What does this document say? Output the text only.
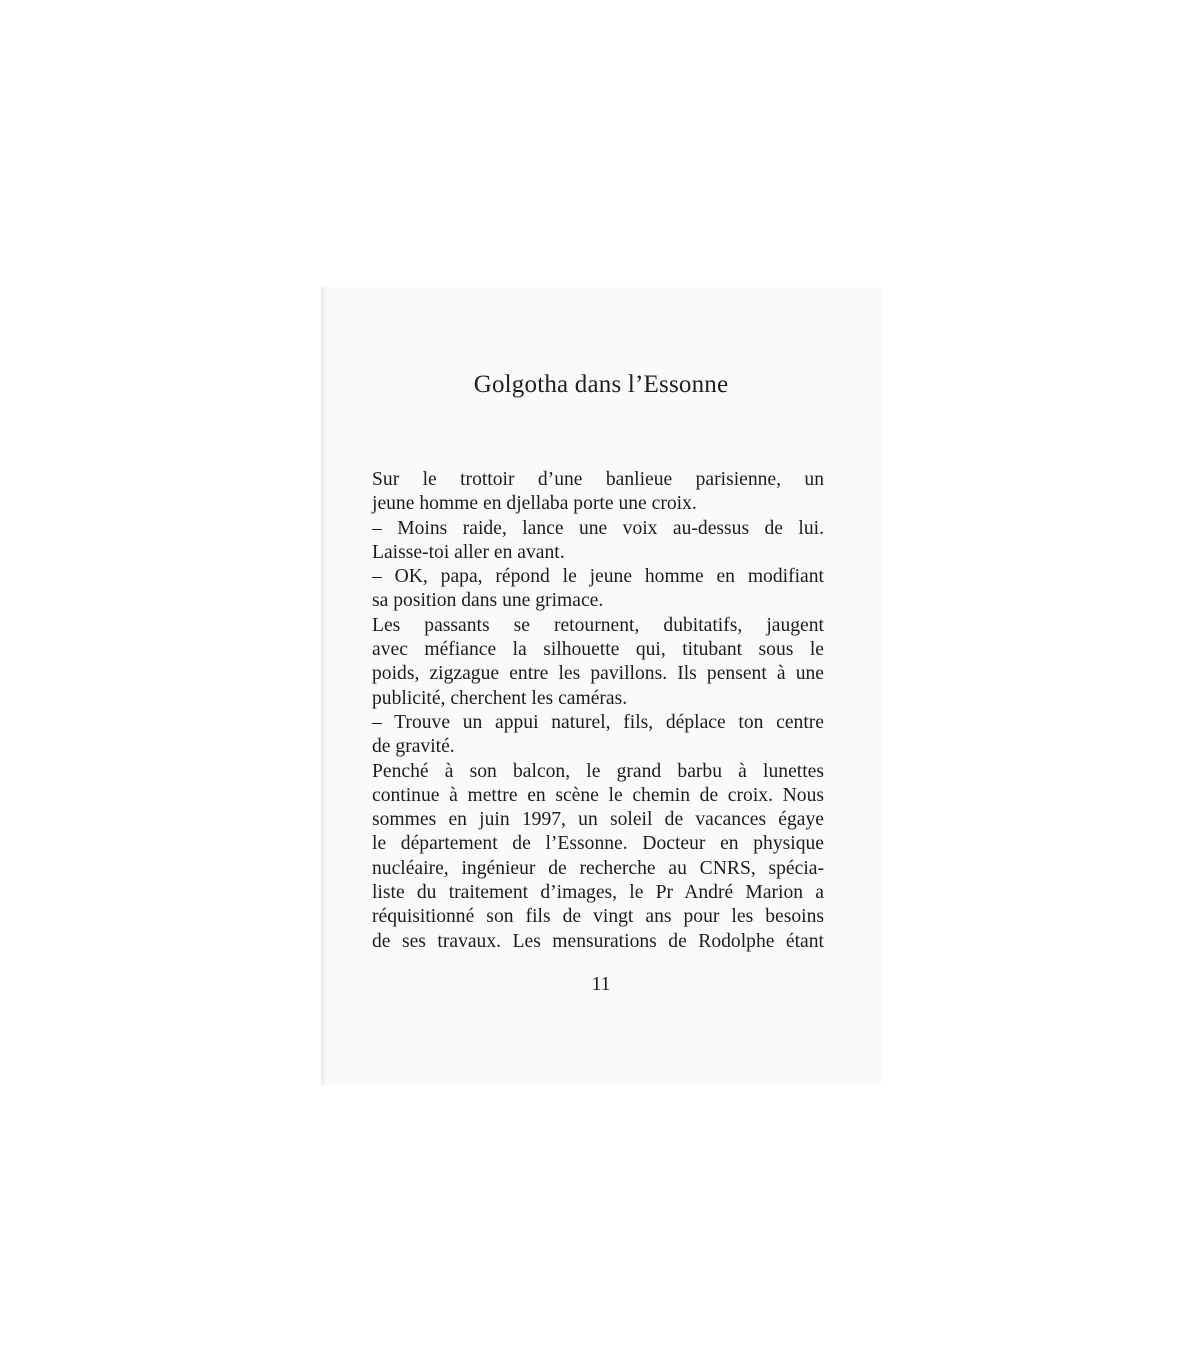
Golgotha dans l’Essonne
Sur le trottoir d’une banlieue parisienne, un
jeune homme en djellaba porte une croix.
– Moins raide, lance une voix au-dessus de lui.
Laisse-toi aller en avant.
– OK, papa, répond le jeune homme en modifiant
sa position dans une grimace.
Les passants se retournent, dubitatifs, jaugent
avec méfiance la silhouette qui, titubant sous le
poids, zigzague entre les pavillons. Ils pensent à une
publicité, cherchent les caméras.
– Trouve un appui naturel, fils, déplace ton centre
de gravité.
Penché à son balcon, le grand barbu à lunettes
continue à mettre en scène le chemin de croix. Nous
sommes en juin 1997, un soleil de vacances égaye
le département de l’Essonne. Docteur en physique
nucléaire, ingénieur de recherche au CNRS, spécia-
liste du traitement d’images, le Pr André Marion a
réquisitionné son fils de vingt ans pour les besoins
de ses travaux. Les mensurations de Rodolphe étant
11
